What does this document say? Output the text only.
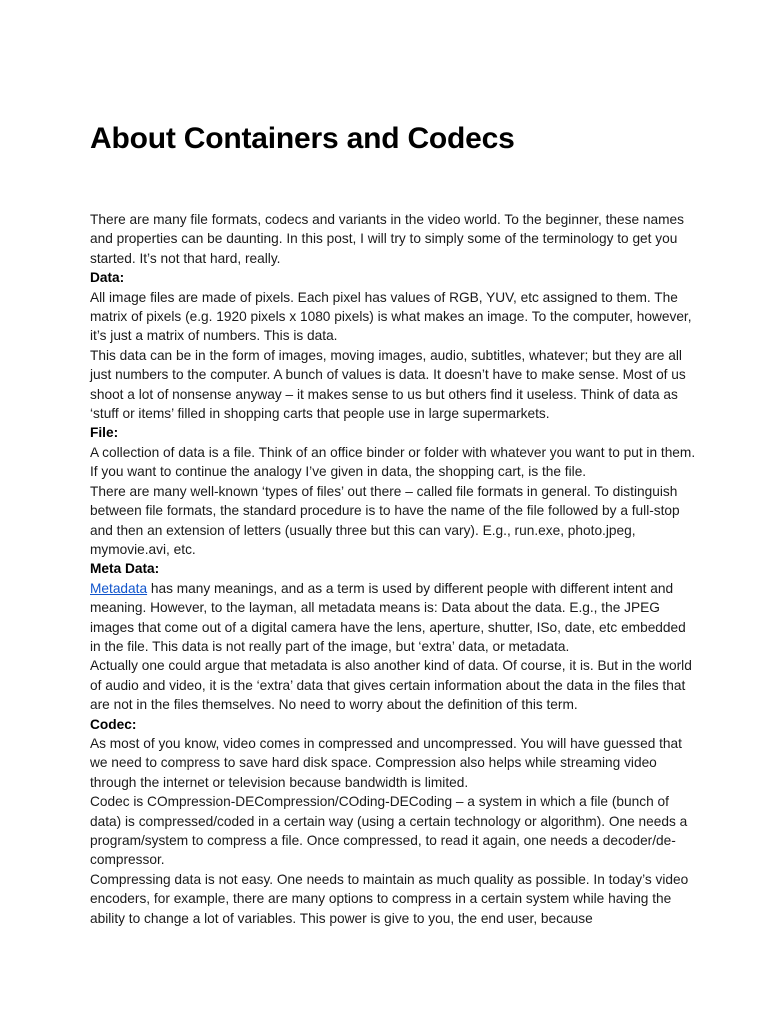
About Containers and Codecs

There are many file formats, codecs and variants in the video world. To the beginner, these names and properties can be daunting. In this post, I will try to simply some of the terminology to get you started. It’s not that hard, really.

Data:

All image files are made of pixels. Each pixel has values of RGB, YUV, etc assigned to them. The matrix of pixels (e.g. 1920 pixels x 1080 pixels) is what makes an image. To the computer, however, it’s just a matrix of numbers. This is data.

This data can be in the form of images, moving images, audio, subtitles, whatever; but they are all just numbers to the computer. A bunch of values is data. It doesn’t have to make sense. Most of us shoot a lot of nonsense anyway – it makes sense to us but others find it useless. Think of data as ‘stuff or items’ filled in shopping carts that people use in large supermarkets.

File:

A collection of data is a file. Think of an office binder or folder with whatever you want to put in them. If you want to continue the analogy I’ve given in data, the shopping cart, is the file.

There are many well-known ‘types of files’ out there – called file formats in general. To distinguish between file formats, the standard procedure is to have the name of the file followed by a full-stop and then an extension of letters (usually three but this can vary). E.g., run.exe, photo.jpeg, mymovie.avi, etc.

Meta Data:

Metadata has many meanings, and as a term is used by different people with different intent and meaning. However, to the layman, all metadata means is: Data about the data. E.g., the JPEG images that come out of a digital camera have the lens, aperture, shutter, ISo, date, etc embedded in the file. This data is not really part of the image, but ‘extra’ data, or metadata.

Actually one could argue that metadata is also another kind of data. Of course, it is. But in the world of audio and video, it is the ‘extra’ data that gives certain information about the data in the files that are not in the files themselves. No need to worry about the definition of this term.

Codec:

As most of you know, video comes in compressed and uncompressed. You will have guessed that we need to compress to save hard disk space. Compression also helps while streaming video through the internet or television because bandwidth is limited.

Codec is COmpression-DECompression/COding-DECoding – a system in which a file (bunch of data) is compressed/coded in a certain way (using a certain technology or algorithm). One needs a program/system to compress a file. Once compressed, to read it again, one needs a decoder/de-compressor.

Compressing data is not easy. One needs to maintain as much quality as possible. In today’s video encoders, for example, there are many options to compress in a certain system while having the ability to change a lot of variables. This power is give to you, the end user, because
